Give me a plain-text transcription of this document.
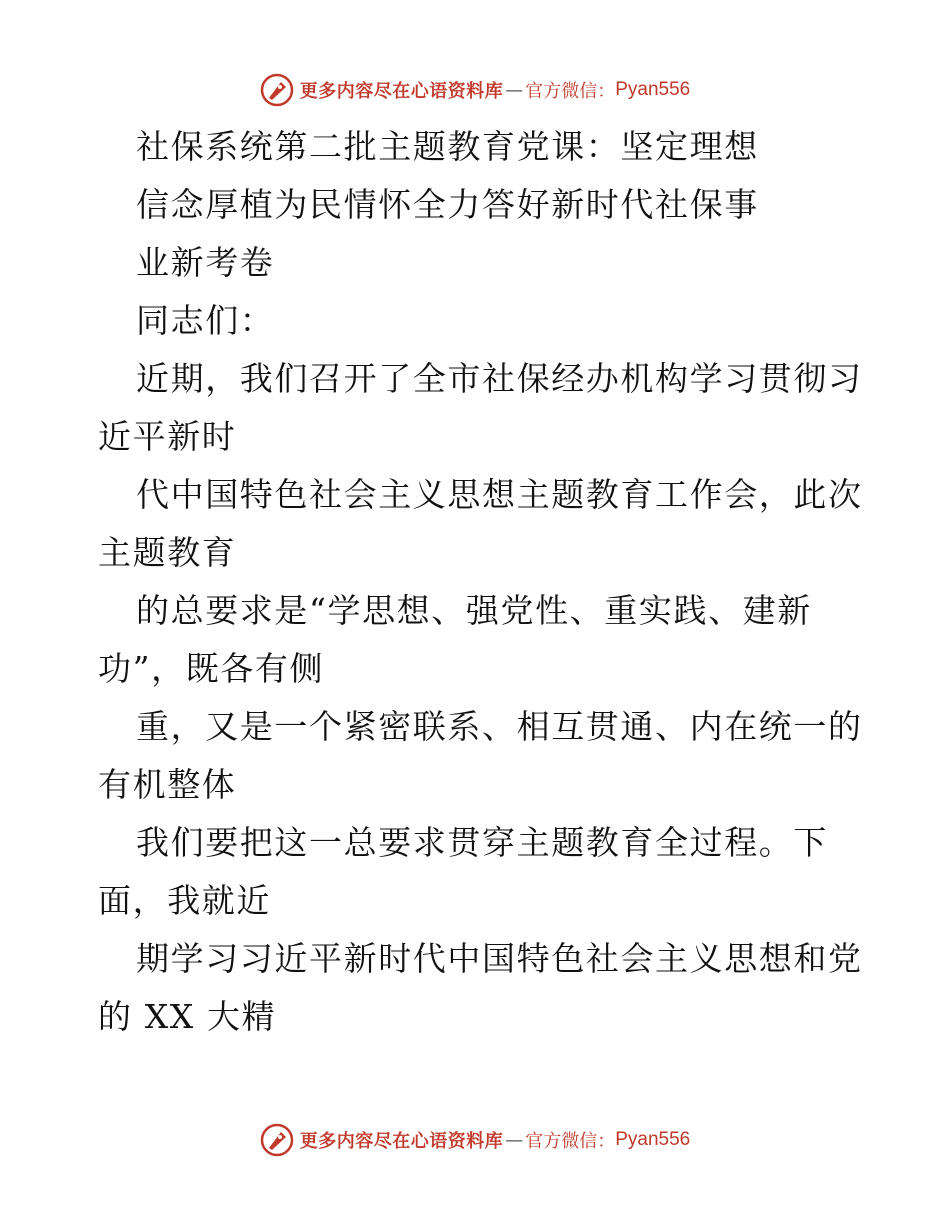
更多内容尽在心语资料库 — 官方微信： Pyan556
社保系统第二批主题教育党课：坚定理想
信念厚植为民情怀全力答好新时代社保事
业新考卷
同志们：
近期，我们召开了全市社保经办机构学习贯彻习
近平新时
代中国特色社会主义思想主题教育工作会，此次
主题教育
的总要求是“学思想、强党性、重实践、建新
功”，既各有侧
重，又是一个紧密联系、相互贯通、内在统一的
有机整体
我们要把这一总要求贯穿主题教育全过程。下
面，我就近
期学习习近平新时代中国特色社会主义思想和党
的 XX 大精
更多内容尽在心语资料库 — 官方微信： Pyan556
